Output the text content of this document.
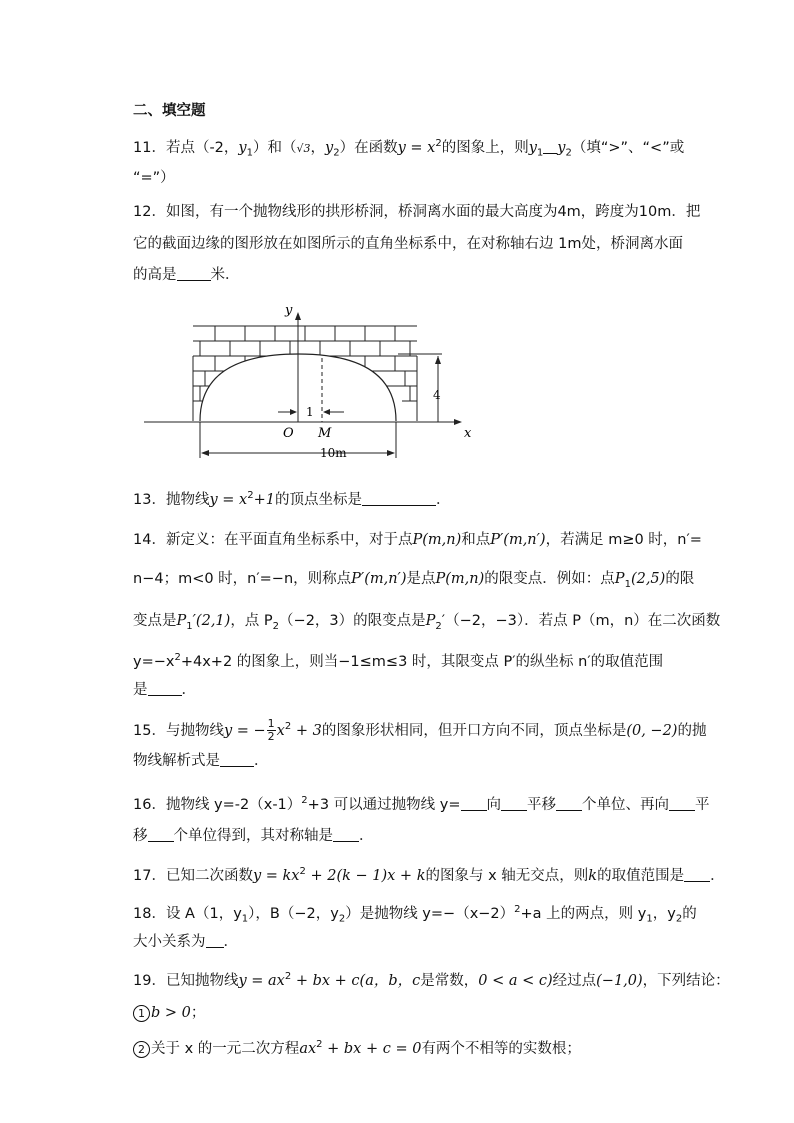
二、填空题
11．若点（-2，$y_1$）和（√3，$y_2$）在函数$y = x^2$的图象上，则$y_1$ $y_2$（填“>”、“<”或
“=”）
12．如图，有一个抛物线形的拱形桥洞，桥洞离水面的最大高度为4m，跨度为10m．把
它的截面边缘的图形放在如图所示的直角坐标系中，在对称轴右边 1m处，桥洞离水面
的高是 米．
y
x
O M
1
4
10m
13．抛物线$y = x^2+1$的顶点坐标是	．
14．新定义：在平面直角坐标系中，对于点P(m,n)和点P′(m,n′)，若满足 m≥0 时，n′=
n−4；m<0 时，n′=−n，则称点P′(m,n′)是点P(m,n)的限变点．例如：点$P_1(2,5)$的限
变点是$P_1'(2,1)$，点 $P_2(-2$，3）的限变点是$P_2'(-2$，−3）．若点 P（m，n）在二次函数
$y=-x^2+4x+2$ 的图象上，则当−1≤m≤3 时，其限变点 P′的纵坐标 n′的取值范围
是 ．
15．与抛物线y = − $\frac{1}{2} x^2 + 3$的图象形状相同，但开口方向不同，顶点坐标是(0, −2)的抛
物线解析式是 ．
16．抛物线 $y=-2(x-1)^2+3$ 可以通过抛物线 y= 向 平移 个单位、再向 平
移 个单位得到，其对称轴是 ．
17．已知二次函数$y = kx^2 + 2(k - 1)x + k$的图象与 x 轴无交点，则k的取值范围是 ．
18．设 A（1，$y_1$），B（−2，$y_2$）是抛物线 $y=-(x-2)^2+a$ 上的两点，则 $y_1$，$y_2$的
大小关系为 ．
19．已知抛物线$y = ax^2$ + bx + c(a，b，c是常数，0 < a < c)经过点(−1,0)，下列结论：
1 b > 0；
2 关于 x 的一元二次方程$ax^2$ + bx + c = 0有两个不相等的实数根；
